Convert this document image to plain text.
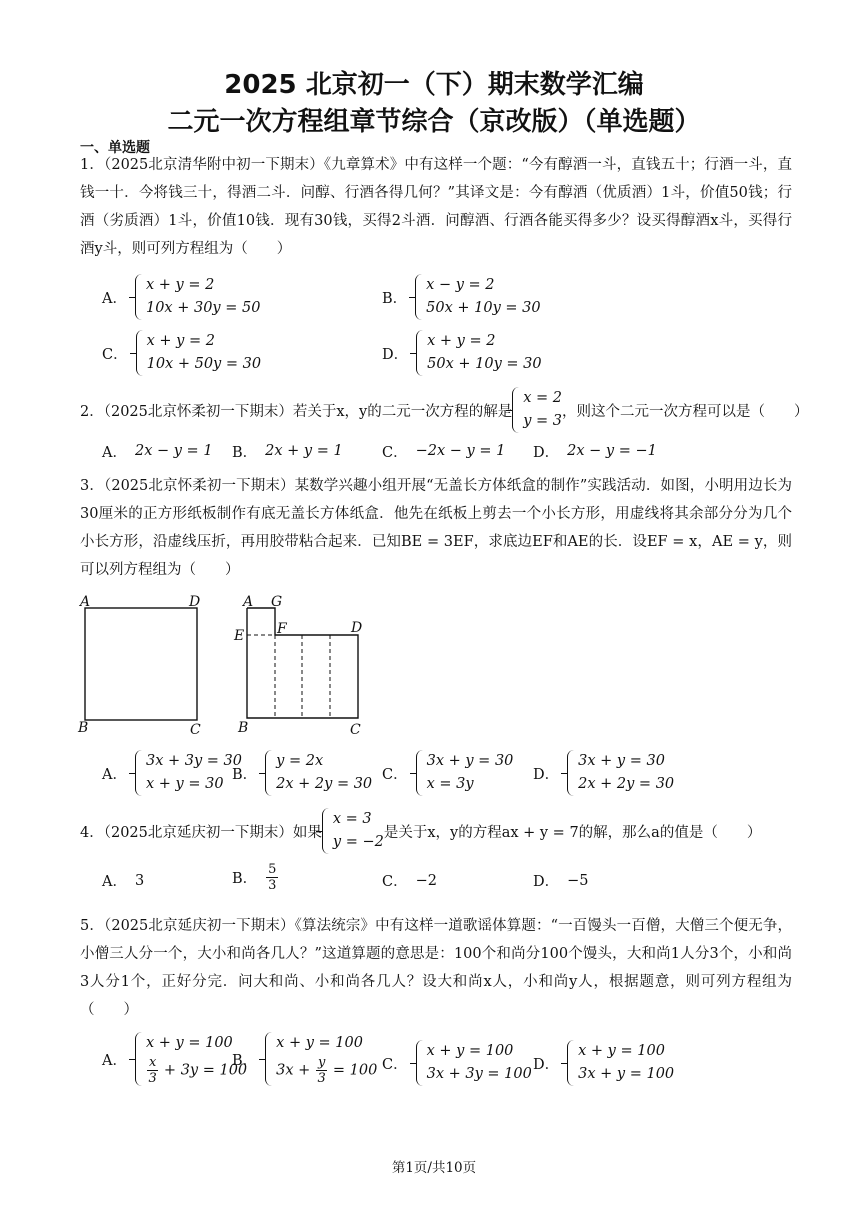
2025 北京初一（下）期末数学汇编
二元一次方程组章节综合（京改版）（单选题）
一、单选题
1．（2025北京清华附中初一下期末）《九章算术》中有这样一个题：“今有醇酒一斗，直钱五十；行酒一斗，直钱一十．今将钱三十，得酒二斗．问醇、行酒各得几何？”其译文是：今有醇酒（优质酒）1斗，价值50钱；行酒（劣质酒）1斗，价值10钱．现有30钱，买得2斗酒．问醇酒、行酒各能买得多少？设买得醇酒x斗，买得行酒y斗，则可列方程组为（　　）
A．
x + y = 2
10x + 30y = 50
B．
x − y = 2
50x + 10y = 30
C．
x + y = 2
10x + 50y = 30
D．
x + y = 2
50x + 10y = 30
2．（2025北京怀柔初一下期末）若关于x，y的二元一次方程的解是
x = 2
y = 3
，则这个二元一次方程可以是（　　）
A． 2x − y = 1 B． 2x + y = 1	C． −2x − y = 1 D． 2x − y = −1
3．（2025北京怀柔初一下期末）某数学兴趣小组开展“无盖长方体纸盒的制作”实践活动．如图，小明用边长为30厘米的正方形纸板制作有底无盖长方体纸盒．他先在纸板上剪去一个小长方形，用虚线将其余部分分为几个小长方形，沿虚线压折，再用胶带粘合起来．已知BE = 3EF，求底边EF和AE的长．设EF = x，AE = y，则可以列方程组为（　　）
A	D
B	C
A G
E F	D
B	C
A．
3x + 3y = 30
x + y = 30
B．
y = 2x
2x + 2y = 30
C．
3x + y = 30
x = 3y
D．
3x + y = 30
2x + 2y = 30
4．（2025北京延庆初一下期末）如果
x = 3
y = −2
是关于x，y的方程ax + y = 7的解，那么a的值是（　　）
A． 3	B． $\frac{5}{3}$	C． −2	D． −5
5．（2025北京延庆初一下期末）《算法统宗》中有这样一道歌谣体算题：“一百馒头一百僧，大僧三个便无争，小僧三人分一个，大小和尚各几人？”这道算题的意思是：100个和尚分100个馒头，大和尚1人分3个，小和尚3人分1个，正好分完．问大和尚、小和尚各几人？设大和尚x人，小和尚y人，根据题意，则可列方程组为（　　）
A．
x + y = 100
$\frac{x}{3} + 3y = 100$
B．
x + y = 100
$3x + \frac{y}{3} = 100$ C．
x + y = 100
3x + 3y = 100
D．
x + y = 100
3x + y = 100
第1页/共10页
